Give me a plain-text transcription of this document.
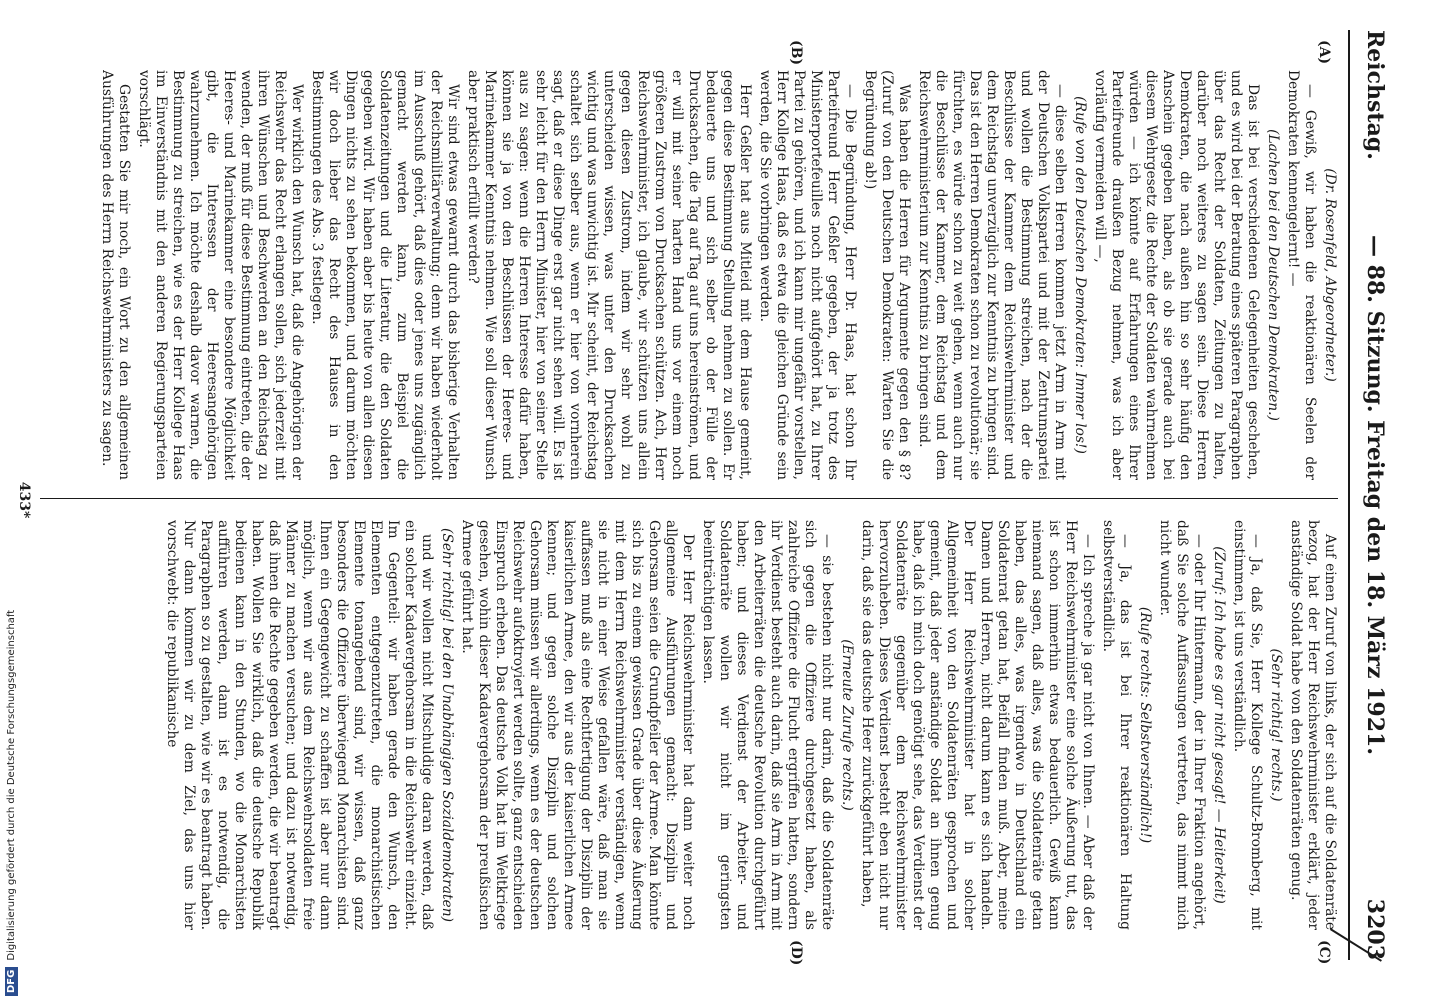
Reichstag.
— 88. Sitzung. Freitag den 18. März 1921.
3203
(A)
(B)
(C)
(D)

(Dr. Rosenfeld, Abgeordneter.)

— Gewiß, wir haben die reaktionären Seelen der Demokraten kennengelernt! —

(Lachen bei den Deutschen Demokraten.)

Das ist bei verschiedenen Gelegenheiten geschehen, und es wird bei der Beratung eines späteren Paragraphen über das Recht der Soldaten, Zeitungen zu halten, darüber noch weiteres zu sagen sein. Diese Herren Demokraten, die nach außen hin so sehr häufig den Anschein gegeben haben, als ob sie gerade auch bei diesem Wehrgesetz die Rechte der Soldaten wahrnehmen würden — ich könnte auf Erfahrungen eines Ihrer Parteifreunde draußen Bezug nehmen, was ich aber vorläufig vermeiden will —,

(Rufe von den Deutschen Demokraten: Immer los!)

— diese selben Herren kommen jetzt Arm in Arm mit der Deutschen Volkspartei und mit der Zentrumspartei und wollen die Bestimmung streichen, nach der die Beschlüsse der Kammer dem Reichswehrminister und dem Reichstag unverzüglich zur Kenntnis zu bringen sind. Das ist den Herren Demokraten schon zu revolutionär; sie fürchten, es würde schon zu weit gehen, wenn auch nur die Beschlüsse der Kammer, dem Reichstag und dem Reichswehrministerium zur Kenntnis zu bringen sind.

Was haben die Herren für Argumente gegen den § 8? (Zuruf von den Deutschen Demokraten: Warten Sie die Begründung ab!)

— Die Begründung, Herr Dr. Haas, hat schon Ihr Parteifreund Herr Geßler gegeben, der ja trotz des Ministerportefeuilles noch nicht aufgehört hat, zu Ihrer Partei zu gehören, und ich kann mir ungefähr vorstellen, Herr Kollege Haas, daß es etwa die gleichen Gründe sein werden, die Sie vorbringen werden.

Herr Geßler hat aus Mitleid mit dem Hause gemeint, gegen diese Bestimmung Stellung nehmen zu sollen. Er bedauerte uns und sich selber ob der Fülle der Drucksachen, die Tag auf Tag auf uns hereinströmen, und er will mit seiner harten Hand uns vor einem noch größeren Zustrom von Drucksachen schützen. Ach, Herr Reichswehrminister, ich glaube, wir schützen uns allein gegen diesen Zustrom, indem wir sehr wohl zu unterscheiden wissen, was unter den Drucksachen wichtig und was unwichtig ist. Mir scheint, der Reichstag schaltet sich selber aus, wenn er hier von vornherein sagt, daß er diese Dinge erst gar nicht sehen will. Es ist sehr leicht für den Herrn Minister, hier von seiner Stelle aus zu sagen: wenn die Herren Interesse dafür haben, können sie ja von den Beschlüssen der Heeres- und Marinekammer Kenntnis nehmen. Wie soll dieser Wunsch aber praktisch erfüllt werden?

Wir sind etwas gewarnt durch das bisherige Verhalten der Reichsmilitärverwaltung; denn wir haben wiederholt im Ausschuß gehört, daß dies oder jenes uns zugänglich gemacht werden kann, zum Beispiel die Soldatenzeitungen und die Literatur, die den Soldaten gegeben wird. Wir haben aber bis heute von allen diesen Dingen nichts zu sehen bekommen, und darum möchten wir doch lieber das Recht des Hauses in den Bestimmungen des Abs. 3 festlegen.

Wer wirklich den Wunsch hat, daß die Angehörigen der Reichswehr das Recht erlangen sollen, sich jederzeit mit ihren Wünschen und Beschwerden an den Reichstag zu wenden, der muß für diese Bestimmung eintreten, die der Heeres- und Marinekammer eine besondere Möglichkeit gibt, die Interessen der Heeresangehörigen wahrzunehmen. Ich möchte deshalb davor warnen, die Bestimmung zu streichen, wie es der Herr Kollege Haas im Einverständnis mit den anderen Regierungsparteien vorschlägt.

Gestatten Sie mir noch, ein Wort zu den allgemeinen Ausführungen des Herrn Reichswehrministers zu sagen.

Auf einen Zuruf von links, der sich auf die Soldatenräte bezog, hat der Herr Reichswehrminister erklärt, jeder anständige Soldat habe von den Soldatenräten genug.

(Sehr richtig! rechts.)

— Ja, daß Sie, Herr Kollege Schultz-Bromberg, mit einstimmen, ist uns verständlich.

(Zuruf: Ich habe es gar nicht gesagt! — Heiterkeit)

— oder Ihr Hintermann, der in Ihrer Fraktion angehört, daß Sie solche Auffassungen vertreten, das nimmt mich nicht wunder.

(Rufe rechts: Selbstverständlich!)

— Ja, das ist bei Ihrer reaktionären Haltung selbstverständlich.

— Ich spreche ja gar nicht von Ihnen. — Aber daß der Herr Reichswehrminister eine solche Äußerung tut, das ist schon immerhin etwas bedauerlich. Gewiß kann niemand sagen, daß alles, was die Soldatenräte getan haben, das alles, was irgendwo in Deutschland ein Soldatenrat getan hat, Beifall finden muß. Aber, meine Damen und Herren, nicht darum kann es sich handeln. Der Herr Reichswehrminister hat in solcher Allgemeinheit von den Soldatenräten gesprochen und gemeint, daß jeder anständige Soldat an ihnen genug habe, daß ich mich doch genötigt sehe, das Verdienst der Soldatenräte gegenüber dem Reichswehrminister hervorzuheben. Dieses Verdienst besteht eben nicht nur darin, daß sie das deutsche Heer zurückgeführt haben,

(Erneute Zurufe rechts.)

— sie bestehen nicht nur darin, daß die Soldatenräte sich gegen die Offiziere durchgesetzt haben, als zahlreiche Offiziere die Flucht ergriffen hatten, sondern ihr Verdienst besteht auch darin, daß sie Arm in Arm mit den Arbeiterräten die deutsche Revolution durchgeführt haben; und dieses Verdienst der Arbeiter- und Soldatenräte wollen wir nicht im geringsten beeinträchtigen lassen.

Der Herr Reichswehrminister hat dann weiter noch allgemeine Ausführungen gemacht: Disziplin und Gehorsam seien die Grundpfeiler der Armee. Man könnte sich bis zu einem gewissen Grade über diese Äußerung mit dem Herrn Reichswehrminister verständigen, wenn sie nicht in einer Weise gefallen wäre, daß man sie auffassen muß als eine Rechtfertigung der Disziplin der kaiserlichen Armee, den wir aus der kaiserlichen Armee kennen; und gegen solche Disziplin und solchen Gehorsam müssen wir allerdings, wenn es der deutschen Reichswehr aufoktroyiert werden sollte, ganz entschieden Einspruch erheben. Das deutsche Volk hat im Weltkriege gesehen, wohin dieser Kadavergehorsam der preußischen Armee geführt hat.

(Sehr richtig! bei den Unabhängigen Sozialdemokraten)

und wir wollen nicht Mitschuldige daran werden, daß ein solcher Kadavergehorsam in die Reichswehr einzieht. Im Gegenteil: wir haben gerade den Wunsch, den Elementen entgegenzutreten, die monarchistischen Elemente tonangebend sind, wir wissen, daß ganz besonders die Offiziere überwiegend Monarchisten sind. Ihnen ein Gegengewicht zu schaffen ist aber nur dann möglich, wenn wir aus dem Reichswehrsoldaten freie Männer zu machen versuchen; und dazu ist notwendig, daß ihnen die Rechte gegeben werden, die wir beantragt haben. Wollen Sie wirklich, daß die deutsche Republik bedienen kann in den Stunden, wo die Monarchisten aufführen werden, dann ist es notwendig, die Paragraphen so zu gestalten, wie wir es beantragt haben. Nur dann kommen wir zu dem Ziel, das uns hier vorschwebt: die republikanische

433*
DFGDigitalisierung gefördert durch die Deutsche Forschungsgemeinschaft
